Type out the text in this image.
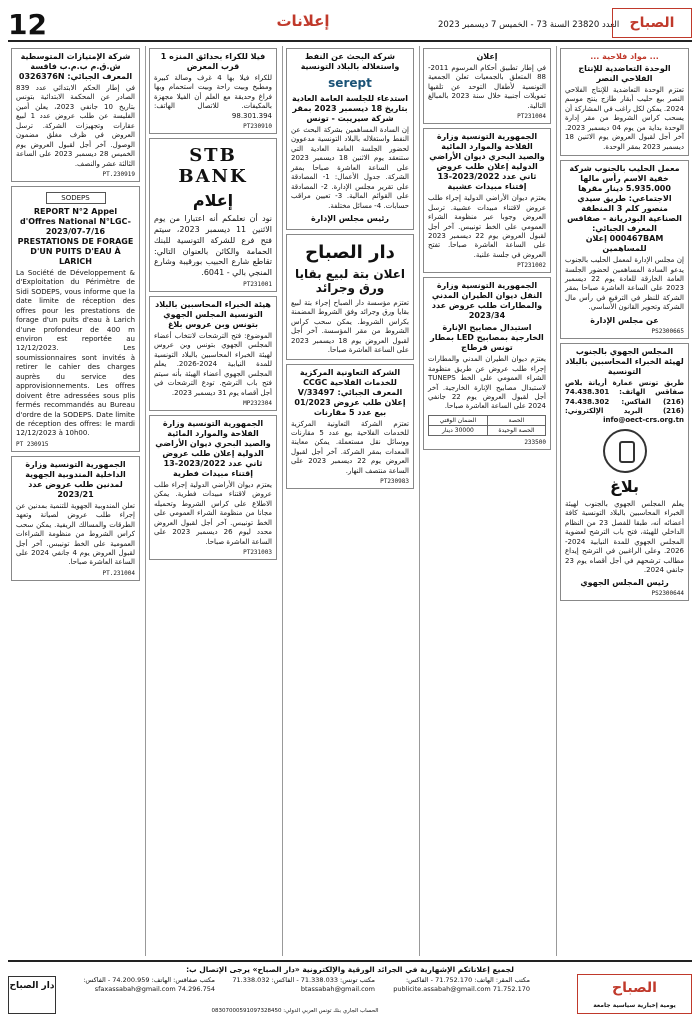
12	إعلانات	العدد 23820 السنة 73 - الخميس 7 ديسمبر 2023 الصباح
شركة الإمتيازات المتوسطية ش.ق.م ب.م.ب فاقسة المعرف الجبائي: 0326376N
في إطار الحكم الابتدائي عدد 839 الصادر عن المحكمة الابتدائية بتونس بتاريخ 10 جانفي 2023، يعلن أمين الفليسة عن طلب عروض عدد 1 لبيع عقارات وتجهيزات الشركة. ترسل العروض في ظرف مغلق مضمون الوصول. آخر أجل لقبول العروض يوم الخميس 28 ديسمبر 2023 على الساعة الثالثة عشر والنصف.
PT.230919
SODEPS
REPORT N°2 Appel d'Offres National N°LGC-2023/07-7/16 PRESTATIONS DE FORAGE D'UN PUITS D'EAU À LARICH
La Société de Développement & d'Exploitation du Périmètre de Sidi SODEPS, vous informe que la date limite de réception des offres pour les prestations de forage d'un puits d'eau à Larich d'une profondeur de 400 m environ est reportée au 12/12/2023. Les soumissionnaires sont invités à retirer le cahier des charges auprès du service des approvisionnements. Les offres doivent être adressées sous plis fermés recommandés au Bureau d'ordre de la SODEPS. Date limite de réception des offres: le mardi 12/12/2023 à 10h00.
PT 230915
الجمهورية التونسية وزارة الداخلية المندوبية الجهوية لمدنين طلب عروض عدد 2023/21
تعلن المندوبية الجهوية للتنمية بمدنين عن إجراء طلب عروض لصيانة وتعهد الطرقات والمسالك الريفية. يمكن سحب كراس الشروط من منظومة الشراءات العمومية على الخط تونيبس. آخر أجل لقبول العروض يوم 4 جانفي 2024 على الساعة العاشرة صباحا.
PT.231004
فيلا للكراء بحدائق المنزه 1 قرب المعرض
للكراء فيلا بها 4 غرف وصالة كبيرة ومطبخ وبيت راحة وبيت استحمام وبها فراغ وحديقة مع العلم أن الفيلا مجهزة بالمكيفات. للاتصال الهاتف: 98.301.394
PT230910
STB BANK
إعلام
نود أن نعلمكم أنه اعتبارا من يوم الاثنين 11 ديسمبر 2023، سيتم فتح فرع للشركة التونسية للبنك الحمامة والكائن بالعنوان التالي: تقاطع شارع الحبيب بورقيبة وشارع المنجي بالي - 6041.
PT231001
هيئة الخبراء المحاسبين بالبلاد التونسية المجلس الجهوي بتونس وبن عروس بلاغ
الموضوع: فتح الترشحات لانتخاب أعضاء المجلس الجهوي بتونس وبن عروس لهيئة الخبراء المحاسبين بالبلاد التونسية للمدة النيابية 2024-2026. يعلم المجلس الجهوي أعضاء الهيئة بأنه سيتم فتح باب الترشح. تودع الترشحات في أجل أقصاه يوم 31 ديسمبر 2023.
MP232304
الجمهورية التونسية وزارة الفلاحة والموارد المائية والصيد البحري ديوان الأراضي الدولية إعلان طلب عروض ثاني عدد 2023/2022-13 إقتناء مبيدات فطرية
يعتزم ديوان الأراضي الدولية إجراء طلب عروض لاقتناء مبيدات فطرية. يمكن الاطلاع على كراس الشروط وتحميله مجانا من منظومة الشراء العمومي على الخط تونيبس. آخر أجل لقبول العروض محدد ليوم 26 ديسمبر 2023 على الساعة العاشرة صباحا.
PT231003
شركة البحث عن النفط واستغلاله بالبلاد التونسية
serept
استدعاء للجلسة العامة العادية بتاريخ 18 ديسمبر 2023 بمقر شركة سيريبت - تونس
إن السادة المساهمين بشركة البحث عن النفط واستغلاله بالبلاد التونسية مدعوون لحضور الجلسة العامة العادية التي ستنعقد يوم الاثنين 18 ديسمبر 2023 على الساعة العاشرة صباحا بمقر الشركة. جدول الأعمال: 1- المصادقة على تقرير مجلس الإدارة. 2- المصادقة على القوائم المالية. 3- تعيين مراقب حسابات. 4- مسائل مختلفة.
رئيس مجلس الإدارة
دار الصباح
اعلان بتة لبيع بقايا ورق وجرائد
تعتزم مؤسسة دار الصباح إجراء بتة لبيع بقايا ورق وجرائد وفق الشروط المضمنة بكراس الشروط. يمكن سحب كراس الشروط من مقر المؤسسة. آخر أجل لقبول العروض يوم 18 ديسمبر 2023 على الساعة العاشرة صباحا.
الشركة التعاونية المركزية للخدمات الفلاحية CCGC المعرف الجبائي: V/33497 إعلان طلب عروض 01/2023 بيع عدد 5 مقارنات
تعتزم الشركة التعاونية المركزية للخدمات الفلاحية بيع عدد 5 مقارنات ووسائل نقل مستعملة. يمكن معاينة المعدات بمقر الشركة. آخر أجل لقبول العروض يوم 22 ديسمبر 2023 على الساعة منتصف النهار.
PT230983
إعلان
في إطار تطبيق أحكام المرسوم 2011-88 المتعلق بالجمعيات تعلن الجمعية التونسية لأطفال التوحد عن تلقيها تمويلات أجنبية خلال سنة 2023 بالمبالغ التالية.
PT231004
الجمهورية التونسية وزارة الفلاحة والموارد المائية والصيد البحري ديوان الأراضي الدولية إعلان طلب عروض ثاني عدد 2023/2022-13 إقتناء مبيدات عشبية
يعتزم ديوان الأراضي الدولية إجراء طلب عروض لاقتناء مبيدات عشبية. ترسل العروض وجوبا عبر منظومة الشراء العمومي على الخط تونيبس. آخر أجل لقبول العروض يوم 22 ديسمبر 2023 على الساعة العاشرة صباحا. تفتح العروض في جلسة علنية.
PT231002
الجمهورية التونسية وزارة النقل ديوان الطيران المدني والمطارات طلب عروض عدد 2023/34
استبدال مصابيح الإنارة الخارجية بمصابيح LED بمطار تونس قرطاج
يعتزم ديوان الطيران المدني والمطارات إجراء طلب عروض عن طريق منظومة الشراء العمومي على الخط TUNEPS لاستبدال مصابيح الإنارة الخارجية. آخر أجل لقبول العروض يوم 22 جانفي 2024 على الساعة العاشرة صباحا.
الحصة	الضمان الوقتي
الحصة الوحيدة	30000 دينار
233500
... مواد فلاحية ...
الوحدة التعاضدية للإنتاج الفلاحي النصر
تعتزم الوحدة التعاضدية للإنتاج الفلاحي النصر بيع حليب أبقار طازج ينتج موسم 2024. يمكن لكل راغب في المشاركة أن يسحب كراس الشروط من مقر إدارة الوحدة بداية من يوم 04 ديسمبر 2023. آخر أجل لقبول العروض يوم الاثنين 18 ديسمبر 2023 بمقر الوحدة.
معمل الحليب بالجنوب شركة خفية الاسم رأس مالها 5.935.000 دينار مقرها الاجتماعي: طريق سيدي منصور كلم 3 المنطقة الصناعية البودريانة - صفاقس المعرف الجبائي: 000467BAM إعلان للمساهمين
إن مجلس الإدارة لمعمل الحليب بالجنوب يدعو السادة المساهمين لحضور الجلسة العامة الخارقة للعادة يوم 22 ديسمبر 2023 على الساعة العاشرة صباحا بمقر الشركة للنظر في الترفيع في رأس مال الشركة وتحوير القانون الأساسي.
عن مجلس الإدارة
PS2300665
المجلس الجهوي بالجنوب لهيئة الخبراء المحاسبين بالبلاد التونسية
طريق تونس عمارة أريانة بلاص صفاقس الهاتف: 74.438.301 (216) الفاكس: 74.438.302 (216) البريد الإلكتروني: info@oect-crs.org.tn
بلاغ
يعلم المجلس الجهوي بالجنوب لهيئة الخبراء المحاسبين بالبلاد التونسية كافة أعضائه أنه، طبقا للفصل 23 من النظام الداخلي للهيئة، فتح باب الترشح لعضوية المجلس الجهوي للمدة النيابية 2024-2026. وعلى الراغبين في الترشح إيداع مطالب ترشحهم في أجل أقصاه يوم 23 جانفي 2024.
رئيس المجلس الجهوي
PS2300644
لجميع إعلاناتكم الإشهارية في الجرائد الورقية والإلكترونية «دار الصباح» يرجى الإتصال ب:
دار الصباح
مكتب صفاقس: الهاتف: 74.200.959 - الفاكس: 74.296.754 sfaxassabah@gmail.com
مكتب تونس: 71.338.033 - الفاكس: 71.338.032 btassabah@gmail.com
مكتب المقر: الهاتف: 71.752.170 - الفاكس: 71.752.170 publicite.assabah@gmail.com	الصباح
يومية إخبارية سياسية جامعة
الحساب الجاري بنك تونس العربي الدولي: 08307000591097328450
